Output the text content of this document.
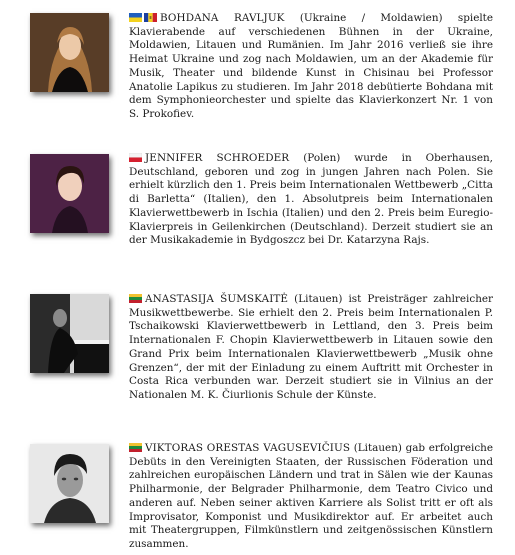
BOHDANA RAVLJUK (Ukraine / Moldawien) spielte Klavierabende auf verschiedenen Bühnen in der Ukraine, Moldawien, Litauen und Rumänien. Im Jahr 2016 verließ sie ihre Heimat Ukraine und zog nach Moldawien, um an der Akademie für Musik, Theater und bildende Kunst in Chisinau bei Professor Anatolie Lapikus zu studieren. Im Jahr 2018 debütierte Bohdana mit dem Symphonieorchester und spielte das Klavierkonzert Nr. 1 von S. Prokofiev.

JENNIFER SCHROEDER (Polen) wurde in Oberhausen, Deutschland, geboren und zog in jungen Jahren nach Polen. Sie erhielt kürzlich den 1. Preis beim Internationalen Wettbewerb „Citta di Barletta“ (Italien), den 1. Absolutpreis beim Internationalen Klavierwettbewerb in Ischia (Italien) und den 2. Preis beim Euregio-Klavierpreis in Geilenkirchen (Deutschland). Derzeit studiert sie an der Musikakademie in Bydgoszcz bei Dr. Katarzyna Rajs.

ANASTASIJA ŠUMSKAITĖ (Litauen) ist Preisträger zahlreicher Musikwettbewerbe. Sie erhielt den 2. Preis beim Internationalen P. Tschaikowski Klavierwettbewerb in Lettland, den 3. Preis beim Internationalen F. Chopin Klavierwettbewerb in Litauen sowie den Grand Prix beim Internationalen Klavierwettbewerb „Musik ohne Grenzen“, der mit der Einladung zu einem Auftritt mit Orchester in Costa Rica verbunden war. Derzeit studiert sie in Vilnius an der Nationalen M. K. Čiurlionis Schule der Künste.

VIKTORAS ORESTAS VAGUSEVIČIUS (Litauen) gab erfolgreiche Debüts in den Vereinigten Staaten, der Russischen Föderation und zahlreichen europäischen Ländern und trat in Sälen wie der Kaunas Philharmonie, der Belgrader Philharmonie, dem Teatro Civico und anderen auf. Neben seiner aktiven Karriere als Solist tritt er oft als Improvisator, Komponist und Musikdirektor auf. Er arbeitet auch mit Theatergruppen, Filmkünstlern und zeitgenössischen Künstlern zusammen.
